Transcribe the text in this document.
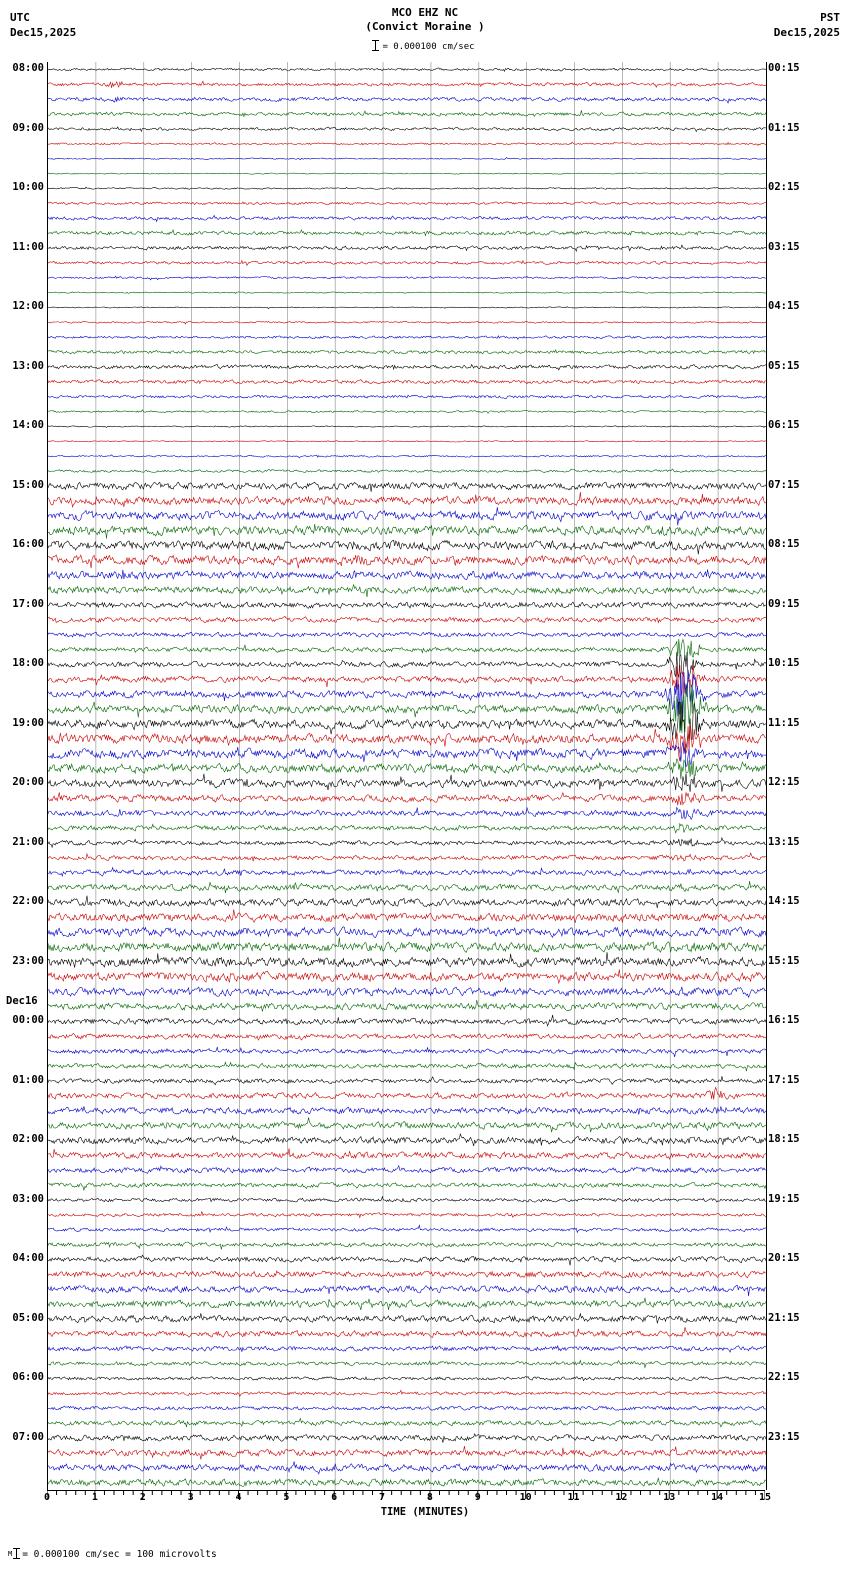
UTC
Dec15,2025
MCO EHZ NC
(Convict Moraine )
PST
Dec15,2025
= 0.000100 cm/sec
08:00
09:00
10:00
11:00
12:00
13:00
14:00
15:00
16:00
17:00
18:00
19:00
20:00
21:00
22:00
23:00
00:00
01:00
02:00
03:00
04:00
05:00
06:00
07:00
00:15
01:15
02:15
03:15
04:15
05:15
06:15
07:15
08:15
09:15
10:15
11:15
12:15
13:15
14:15
15:15
16:15
17:15
18:15
19:15
20:15
21:15
22:15
23:15
TIME (MINUTES)
M = 0.000100 cm/sec = 100 microvolts
Dec16
0	1	2	3	4	5	6	7	8	9	10	11	12	13	14	15
